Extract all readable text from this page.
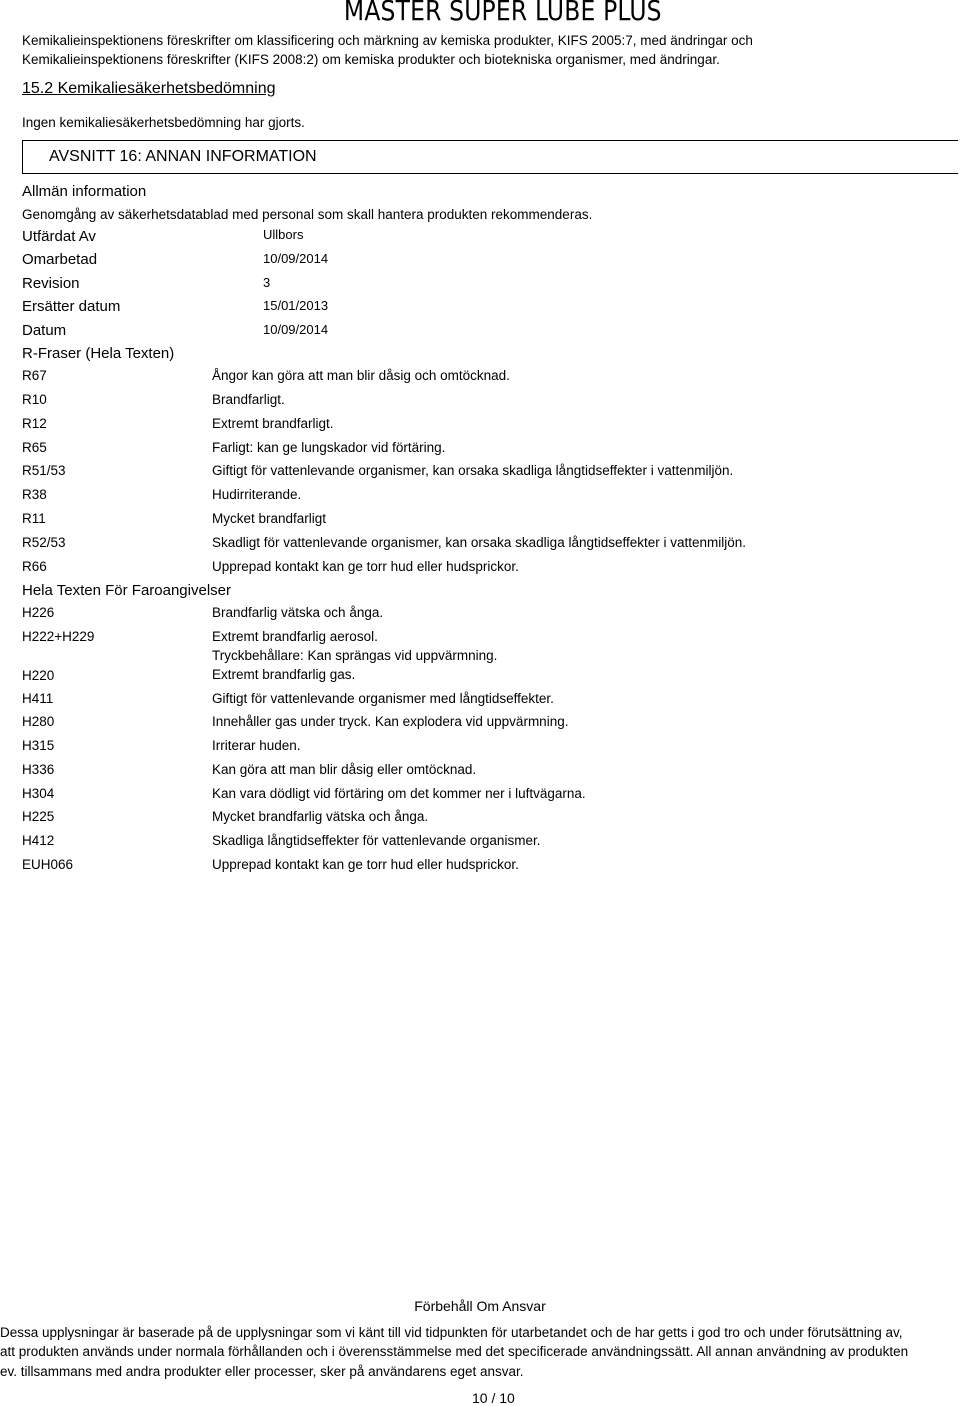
MASTER SUPER LUBE PLUS
Kemikalieinspektionens föreskrifter om klassificering och märkning av kemiska produkter, KIFS 2005:7, med ändringar och
Kemikalieinspektionens föreskrifter (KIFS 2008:2) om kemiska produkter och biotekniska organismer, med ändringar.
15.2 Kemikaliesäkerhetsbedömning
Ingen kemikaliesäkerhetsbedömning har gjorts.
AVSNITT 16: ANNAN INFORMATION
Allmän information
Genomgång av säkerhetsdatablad med personal som skall hantera produkten rekommenderas.
Utfärdat Av	Ullbors
Omarbetad	10/09/2014
Revision	3
Ersätter datum	15/01/2013
Datum	10/09/2014
R-Fraser (Hela Texten)
R67	Ångor kan göra att man blir dåsig och omtöcknad.
R10	Brandfarligt.
R12	Extremt brandfarligt.
R65	Farligt: kan ge lungskador vid förtäring.
R51/53	Giftigt för vattenlevande organismer, kan orsaka skadliga långtidseffekter i vattenmiljön.
R38	Hudirriterande.
R11	Mycket brandfarligt
R52/53	Skadligt för vattenlevande organismer, kan orsaka skadliga långtidseffekter i vattenmiljön.
R66	Upprepad kontakt kan ge torr hud eller hudsprickor.
Hela Texten För Faroangivelser
H226	Brandfarlig vätska och ånga.
H222+H229	Extremt brandfarlig aerosol.
Tryckbehållare: Kan sprängas vid uppvärmning.
H220	Extremt brandfarlig gas.
H411	Giftigt för vattenlevande organismer med långtidseffekter.
H280	Innehåller gas under tryck. Kan explodera vid uppvärmning.
H315	Irriterar huden.
H336	Kan göra att man blir dåsig eller omtöcknad.
H304	Kan vara dödligt vid förtäring om det kommer ner i luftvägarna.
H225	Mycket brandfarlig vätska och ånga.
H412	Skadliga långtidseffekter för vattenlevande organismer.
EUH066	Upprepad kontakt kan ge torr hud eller hudsprickor.
Förbehåll Om Ansvar
Dessa upplysningar är baserade på de upplysningar som vi känt till vid tidpunkten för utarbetandet och de har getts i god tro och under förutsättning av,
att produkten används under normala förhållanden och i överensstämmelse med det specificerade användningssätt. All annan användning av produkten
ev. tillsammans med andra produkter eller processer, sker på användarens eget ansvar.
10 / 10
